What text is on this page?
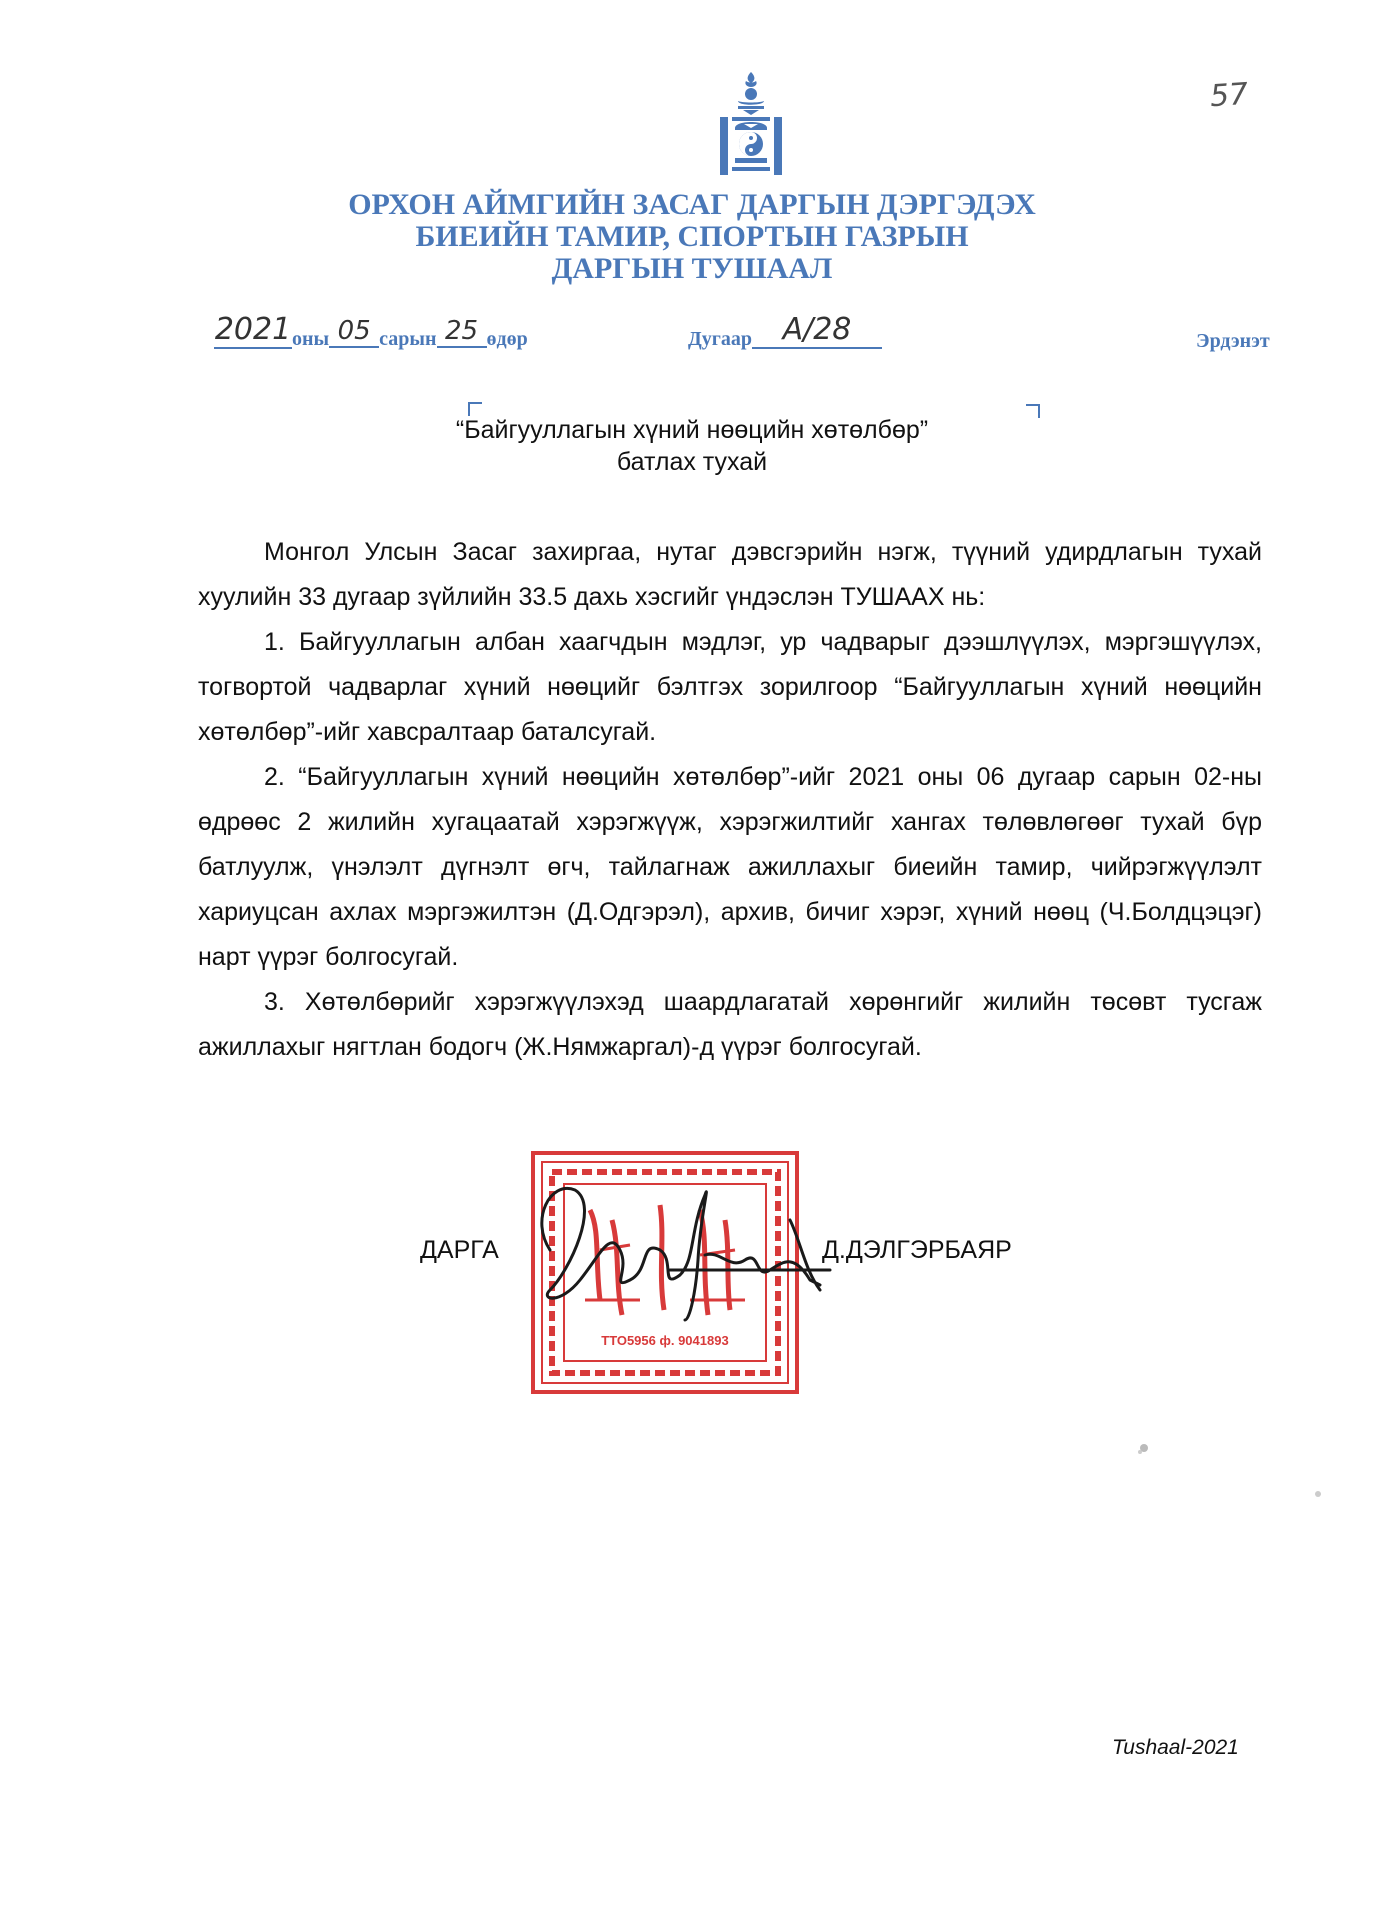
57
ОРХОН АЙМГИЙН ЗАСАГ ДАРГЫН ДЭРГЭДЭХ
БИЕИЙН ТАМИР, СПОРТЫН ГАЗРЫН
ДАРГЫН ТУШААЛ
2021оны 05 сарын 25 өдөр	Дугаар А/28	Эрдэнэт
“Байгууллагын хүний нөөцийн хөтөлбөр”
батлах тухай

Монгол Улсын Засаг захиргаа, нутаг дэвсгэрийн нэгж, түүний удирдлагын тухай хуулийн 33 дугаар зүйлийн 33.5 дахь хэсгийг үндэслэн ТУШААХ нь:

1. Байгууллагын албан хаагчдын мэдлэг, ур чадварыг дээшлүүлэх, мэргэшүүлэх, тогвортой чадварлаг хүний нөөцийг бэлтгэх зорилгоор “Байгууллагын хүний нөөцийн хөтөлбөр”-ийг хавсралтаар баталсугай.

2. “Байгууллагын хүний нөөцийн хөтөлбөр”-ийг 2021 оны 06 дугаар сарын 02-ны өдрөөс 2 жилийн хугацаатай хэрэгжүүж, хэрэгжилтийг хангах төлөвлөгөөг тухай бүр батлуулж, үнэлэлт дүгнэлт өгч, тайлагнаж ажиллахыг биеийн тамир, чийрэгжүүлэлт хариуцсан ахлах мэргэжилтэн (Д.Одгэрэл), архив, бичиг хэрэг, хүний нөөц (Ч.Болдцэцэг) нарт үүрэг болгосугай.

3. Хөтөлбөрийг хэрэгжүүлэхэд шаардлагатай хөрөнгийг жилийн төсөвт тусгаж ажиллахыг нягтлан бодогч (Ж.Нямжаргал)-д үүрэг болгосугай.

ТТО5956 ф. 9041893
ДАРГА	Д.ДЭЛГЭРБАЯР
Tushaal-2021
